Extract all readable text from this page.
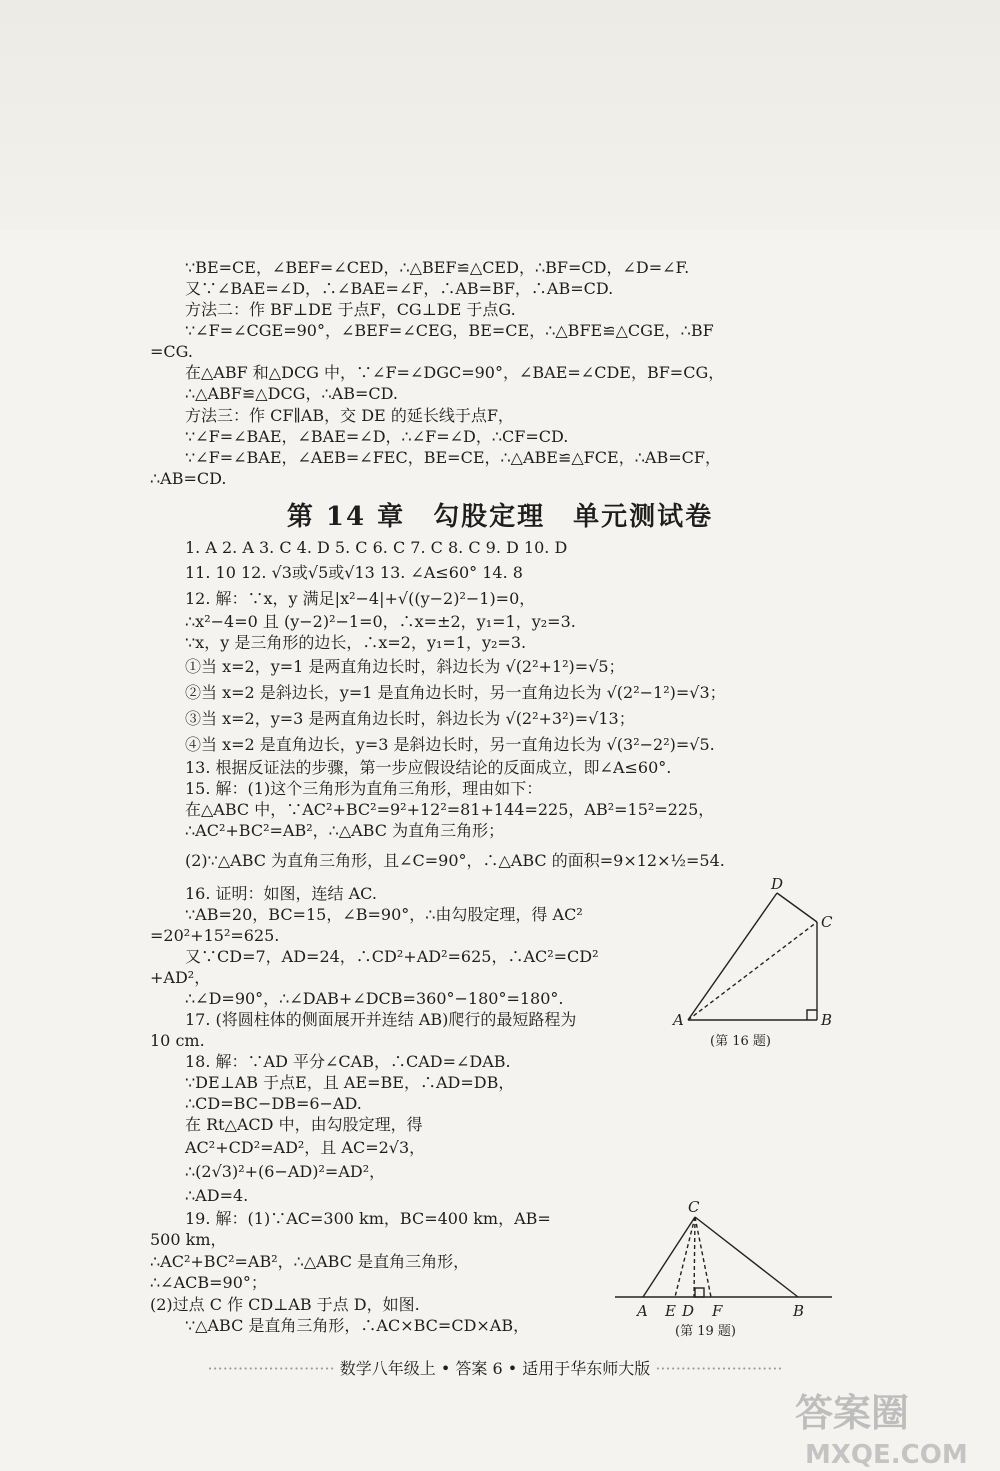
∵BE=CE，∠BEF=∠CED，∴△BEF≌△CED，∴BF=CD，∠D=∠F.
又∵∠BAE=∠D，∴∠BAE=∠F，∴AB=BF，∴AB=CD.
方法二：作 BF⊥DE 于点F，CG⊥DE 于点G.
∵∠F=∠CGE=90°，∠BEF=∠CEG，BE=CE，∴△BFE≌△CGE，∴BF
=CG.
在△ABF 和△DCG 中，∵∠F=∠DGC=90°，∠BAE=∠CDE，BF=CG，
∴△ABF≌△DCG，∴AB=CD.
方法三：作 CF∥AB，交 DE 的延长线于点F，
∵∠F=∠BAE，∠BAE=∠D，∴∠F=∠D，∴CF=CD.
∵∠F=∠BAE，∠AEB=∠FEC，BE=CE，∴△ABE≌△FCE，∴AB=CF，
∴AB=CD.
第 14 章　勾股定理　单元测试卷
1. A 2. A 3. C 4. D 5. C 6. C 7. C 8. C 9. D 10. D
11. 10 12. √3或√5或√13 13. ∠A≤60° 14. 8
12. 解：∵x，y 满足|x²−4|+√((y−2)²−1)=0，
∴x²−4=0 且 (y−2)²−1=0，∴x=±2，y₁=1，y₂=3.
∵x，y 是三角形的边长，∴x=2，y₁=1，y₂=3.
①当 x=2，y=1 是两直角边长时，斜边长为 √(2²+1²)=√5；
②当 x=2 是斜边长，y=1 是直角边长时，另一直角边长为 √(2²−1²)=√3；
③当 x=2，y=3 是两直角边长时，斜边长为 √(2²+3²)=√13；
④当 x=2 是直角边长，y=3 是斜边长时，另一直角边长为 √(3²−2²)=√5.
13. 根据反证法的步骤，第一步应假设结论的反面成立，即∠A≤60°.
15. 解：(1)这个三角形为直角三角形，理由如下：
在△ABC 中，∵AC²+BC²=9²+12²=81+144=225，AB²=15²=225，
∴AC²+BC²=AB²，∴△ABC 为直角三角形；
(2)∵△ABC 为直角三角形，且∠C=90°，∴△ABC 的面积=9×12×½=54.
16. 证明：如图，连结 AC.
∵AB=20，BC=15，∠B=90°，∴由勾股定理，得 AC²
=20²+15²=625.
又∵CD=7，AD=24，∴CD²+AD²=625，∴AC²=CD²
+AD²，
∴∠D=90°，∴∠DAB+∠DCB=360°−180°=180°.
17. (将圆柱体的侧面展开并连结 AB)爬行的最短路程为
10 cm.
18. 解：∵AD 平分∠CAB，∴CAD=∠DAB.
∵DE⊥AB 于点E，且 AE=BE，∴AD=DB，
∴CD=BC−DB=6−AD.
在 Rt△ACD 中，由勾股定理，得
AC²+CD²=AD²，且 AC=2√3，
∴(2√3)²+(6−AD)²=AD²，
∴AD=4.
19. 解：(1)∵AC=300 km，BC=400 km，AB=
500 km，
∴AC²+BC²=AB²，∴△ABC 是直角三角形，
∴∠ACB=90°；
(2)过点 C 作 CD⊥AB 于点 D，如图.
∵△ABC 是直角三角形，∴AC×BC=CD×AB，
D
C
A	B
(第 16 题)
C
A E D F	B
(第 19 题)
························· 数学八年级上 • 答案 6 • 适用于华东师大版 ·························
答案圈
MXQE.COM
